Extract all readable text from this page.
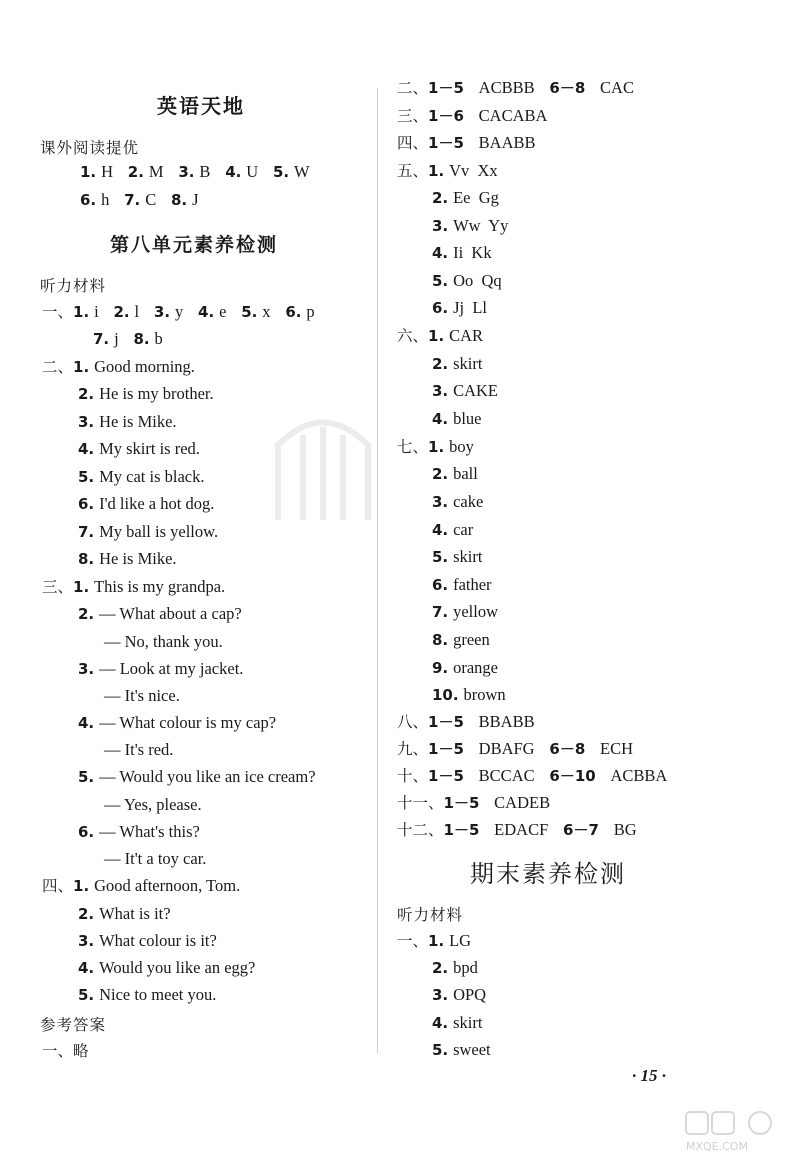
英语天地
课外阅读提优
1. H 2. M 3. B 4. U 5. W
6. h 7. C 8. J
第八单元素养检测
听力材料
一、1. i 2. l 3. y 4. e 5. x 6. p
7. j 8. b
二、1. Good morning.
2. He is my brother.
3. He is Mike.
4. My skirt is red.
5. My cat is black.
6. I'd like a hot dog.
7. My ball is yellow.
8. He is Mike.
三、1. This is my grandpa.
2. — What about a cap?
— No, thank you.
3. — Look at my jacket.
— It's nice.
4. — What colour is my cap?
— It's red.
5. — Would you like an ice cream?
— Yes, please.
6. — What's this?
— It't a toy car.
四、1. Good afternoon, Tom.
2. What is it?
3. What colour is it?
4. Would you like an egg?
5. Nice to meet you.
参考答案
一、略
二、1－5 ACBBB 6－8 CAC
三、1－6 CACABA
四、1－5 BAABB
五、1. Vv  Xx
2. Ee  Gg
3. Ww  Yy
4. Ii  Kk
5. Oo  Qq
6. Jj  Ll
六、1. CAR
2. skirt
3. CAKE
4. blue
七、1. boy
2. ball
3. cake
4. car
5. skirt
6. father
7. yellow
8. green
9. orange
10. brown
八、1－5 BBABB
九、1－5 DBAFG 6－8 ECH
十、1－5 BCCAC 6－10 ACBBA
十一、1－5 CADEB
十二、1－5 EDACF 6－7 BG
期末素养检测
听力材料
一、1. LG
2. bpd
3. OPQ
4. skirt
5. sweet
· 15 ·
MXQE.COM
